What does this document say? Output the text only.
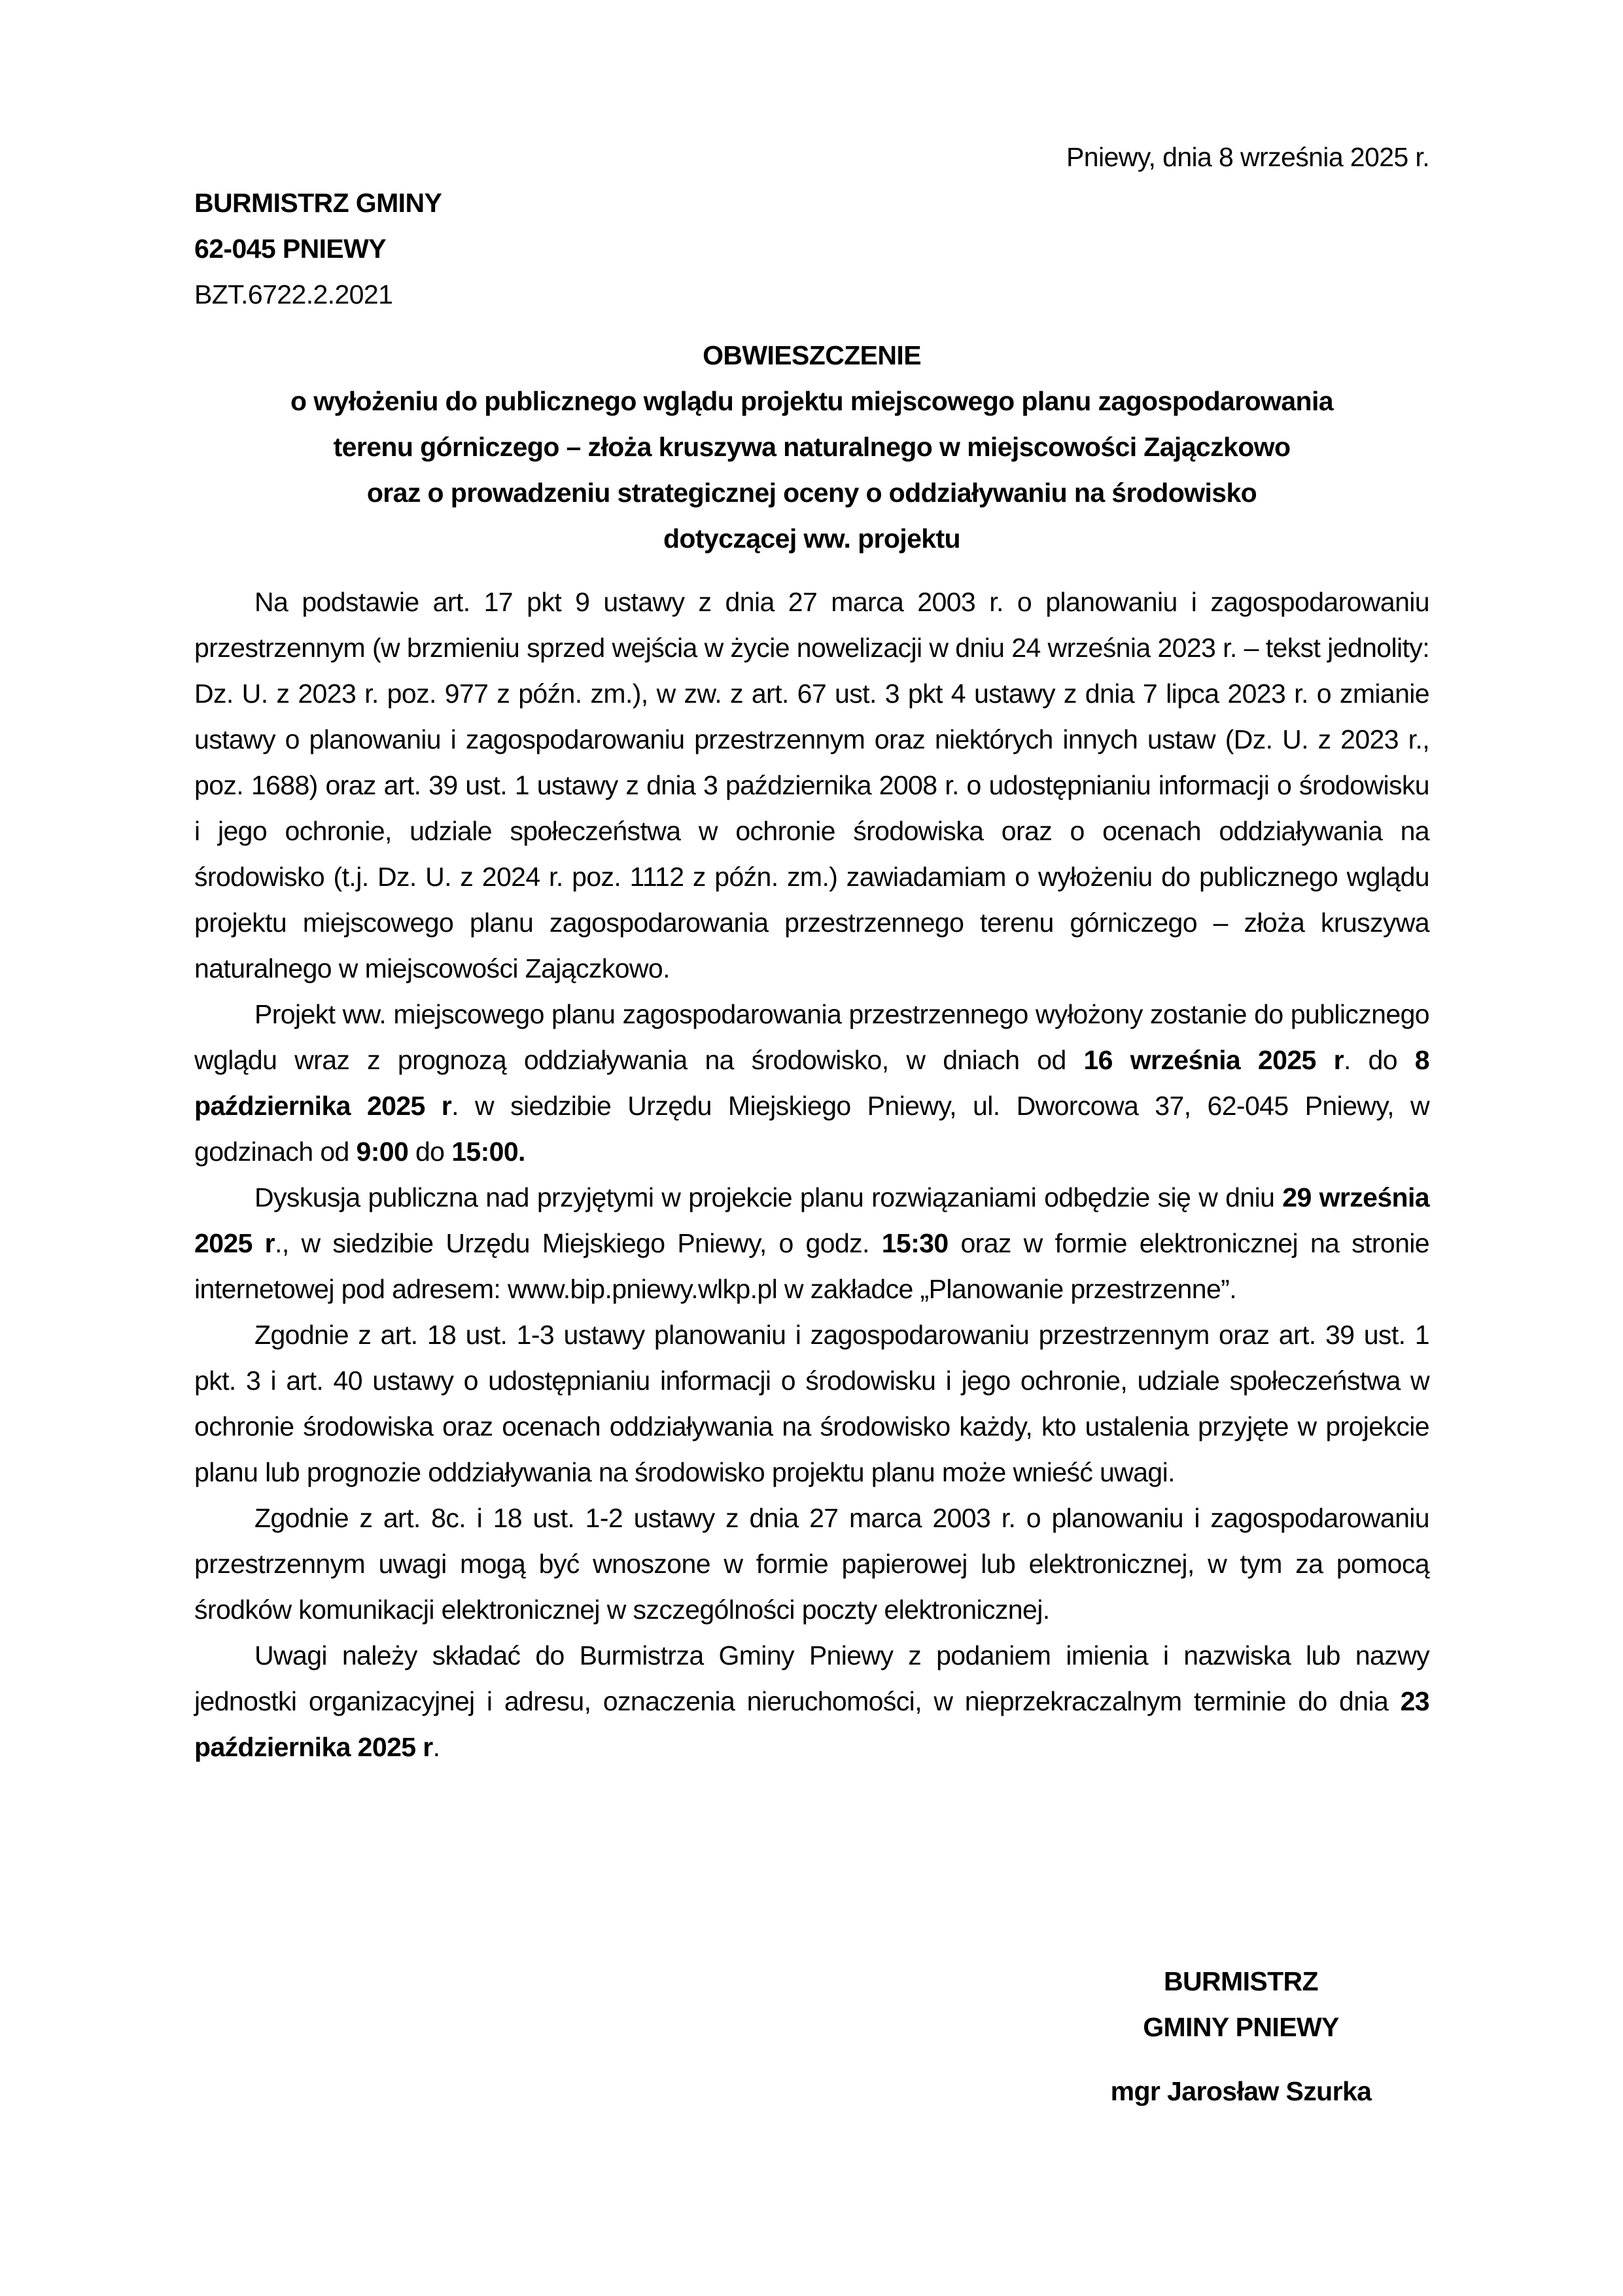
Pniewy, dnia 8 września 2025 r.
BURMISTRZ GMINY
62-045 PNIEWY
BZT.6722.2.2021
OBWIESZCZENIE
o wyłożeniu do publicznego wglądu projektu miejscowego planu zagospodarowania
terenu górniczego – złoża kruszywa naturalnego w miejscowości Zajączkowo
oraz o prowadzeniu strategicznej oceny o oddziaływaniu na środowisko
dotyczącej ww. projektu

Na podstawie art. 17 pkt 9 ustawy z dnia 27 marca 2003 r. o planowaniu i zagospodarowaniu przestrzennym (w brzmieniu sprzed wejścia w życie nowelizacji w dniu 24 września 2023 r. – tekst jednolity: Dz. U. z 2023 r. poz. 977 z późn. zm.), w zw. z art. 67 ust. 3 pkt 4 ustawy z dnia 7 lipca 2023 r. o zmianie ustawy o planowaniu i zagospodarowaniu przestrzennym oraz niektórych innych ustaw (Dz. U. z 2023 r., poz. 1688) oraz art. 39 ust. 1 ustawy z dnia 3 października 2008 r. o udostępnianiu informacji o środowisku i jego ochronie, udziale społeczeństwa w ochronie środowiska oraz o ocenach oddziaływania na środowisko (t.j. Dz. U. z 2024 r. poz. 1112 z późn. zm.) zawiadamiam o wyłożeniu do publicznego wglądu projektu miejscowego planu zagospodarowania przestrzennego terenu górniczego – złoża kruszywa naturalnego w miejscowości Zajączkowo.

Projekt ww. miejscowego planu zagospodarowania przestrzennego wyłożony zostanie do publicznego wglądu wraz z prognozą oddziaływania na środowisko, w dniach od 16 września 2025 r. do 8 października 2025 r. w siedzibie Urzędu Miejskiego Pniewy, ul. Dworcowa 37, 62-045 Pniewy, w godzinach od 9:00 do 15:00.

Dyskusja publiczna nad przyjętymi w projekcie planu rozwiązaniami odbędzie się w dniu 29 września 2025 r., w siedzibie Urzędu Miejskiego Pniewy, o godz. 15:30 oraz w formie elektronicznej na stronie internetowej pod adresem: www.bip.pniewy.wlkp.pl w zakładce „Planowanie przestrzenne”.

Zgodnie z art. 18 ust. 1-3 ustawy planowaniu i zagospodarowaniu przestrzennym oraz art. 39 ust. 1 pkt. 3 i art. 40 ustawy o udostępnianiu informacji o środowisku i jego ochronie, udziale społeczeństwa w ochronie środowiska oraz ocenach oddziaływania na środowisko każdy, kto ustalenia przyjęte w projekcie planu lub prognozie oddziaływania na środowisko projektu planu może wnieść uwagi.

Zgodnie z art. 8c. i 18 ust. 1-2 ustawy z dnia 27 marca 2003 r. o planowaniu i zagospodarowaniu przestrzennym uwagi mogą być wnoszone w formie papierowej lub elektronicznej, w tym za pomocą środków komunikacji elektronicznej w szczególności poczty elektronicznej.

Uwagi należy składać do Burmistrza Gminy Pniewy z podaniem imienia i nazwiska lub nazwy jednostki organizacyjnej i adresu, oznaczenia nieruchomości, w nieprzekraczalnym terminie do dnia 23 października 2025 r.

BURMISTRZ
GMINY PNIEWY
mgr Jarosław Szurka
